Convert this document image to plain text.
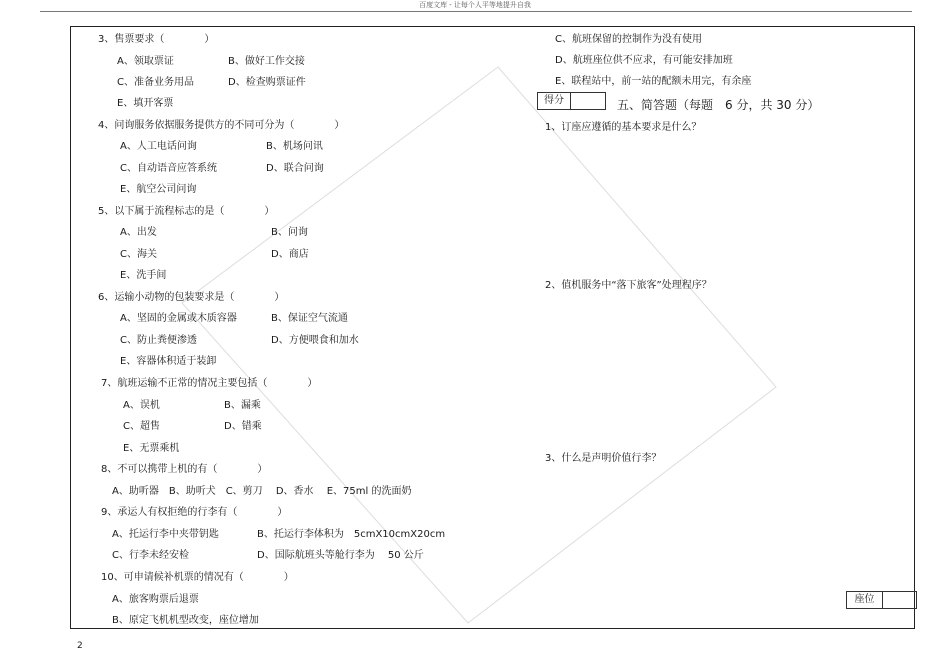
百度文库 - 让每个人平等地提升自我
3、售票要求（　　　　）
A、领取票证	B、做好工作交接
C、准备业务用品	D、检查购票证件
E、填开客票
4、问询服务依据服务提供方的不同可分为（　　　　）
A、人工电话问询	B、机场问讯
C、自动语音应答系统	D、联合问询
E、航空公司问询
5、以下属于流程标志的是（　　　　）
A、出发	B、问询
C、海关	D、商店
E、洗手间
6、运输小动物的包装要求是（　　　　）
A、坚固的金属或木质容器	B、保证空气流通
C、防止粪便渗透	D、方便喂食和加水
E、容器体积适于装卸
7、航班运输不正常的情况主要包括（　　　　）
A、误机	B、漏乘
C、超售	D、错乘
E、无票乘机
8、不可以携带上机的有（　　　　）
A、助听器　B、助听犬　C、剪刀　 D、香水　 E、75ml 的洗面奶
9、承运人有权拒绝的行李有（　　　　）
A、托运行李中夹带钥匙	B、托运行李体积为　5cmX10cmX20cm
C、行李未经安检	D、国际航班头等舱行李为　 50 公斤
10、可申请候补机票的情况有（　　　　）
A、旅客购票后退票
B、原定飞机机型改变，座位增加
C、航班保留的控制作为没有使用
D、航班座位供不应求，有可能安排加班
E、联程站中，前一站的配额未用完，有余座
得分	五、简答题（每题　6 分，共 30 分）
1、订座应遵循的基本要求是什么？
2、值机服务中“落下旅客”处理程序？
3、什么是声明价值行李？
座位
2
